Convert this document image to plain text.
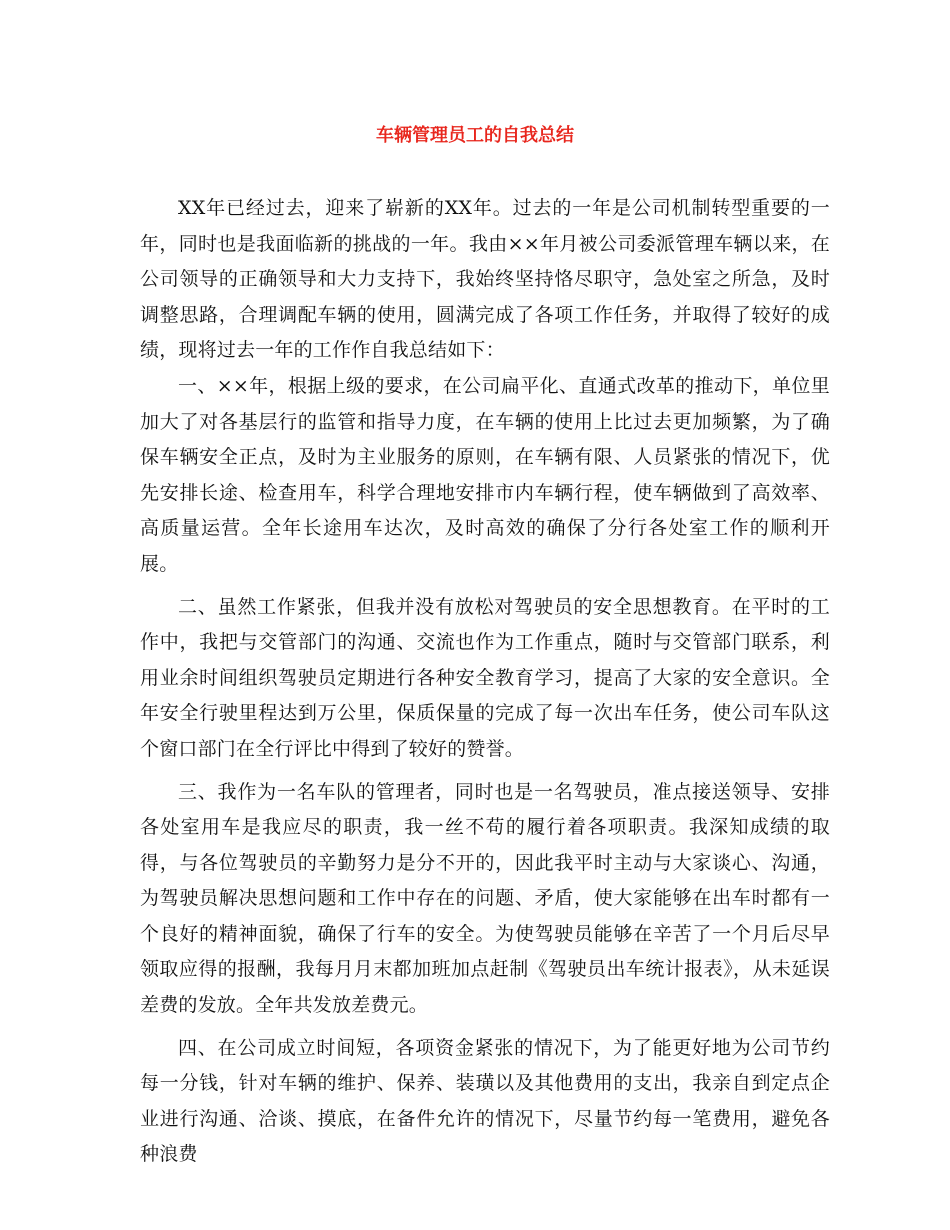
车辆管理员工的自我总结

XX年已经过去，迎来了崭新的XX年。过去的一年是公司机制转型重要的一年，同时也是我面临新的挑战的一年。我由××年月被公司委派管理车辆以来，在公司领导的正确领导和大力支持下，我始终坚持恪尽职守，急处室之所急，及时调整思路，合理调配车辆的使用，圆满完成了各项工作任务，并取得了较好的成绩，现将过去一年的工作作自我总结如下：

一、××年，根据上级的要求，在公司扁平化、直通式改革的推动下，单位里加大了对各基层行的监管和指导力度，在车辆的使用上比过去更加频繁，为了确保车辆安全正点，及时为主业服务的原则，在车辆有限、人员紧张的情况下，优先安排长途、检查用车，科学合理地安排市内车辆行程，使车辆做到了高效率、高质量运营。全年长途用车达次，及时高效的确保了分行各处室工作的顺利开展。

二、虽然工作紧张，但我并没有放松对驾驶员的安全思想教育。在平时的工作中，我把与交管部门的沟通、交流也作为工作重点，随时与交管部门联系，利用业余时间组织驾驶员定期进行各种安全教育学习，提高了大家的安全意识。全年安全行驶里程达到万公里，保质保量的完成了每一次出车任务，使公司车队这个窗口部门在全行评比中得到了较好的赞誉。

三、我作为一名车队的管理者，同时也是一名驾驶员，准点接送领导、安排各处室用车是我应尽的职责，我一丝不苟的履行着各项职责。我深知成绩的取得，与各位驾驶员的辛勤努力是分不开的，因此我平时主动与大家谈心、沟通，为驾驶员解决思想问题和工作中存在的问题、矛盾，使大家能够在出车时都有一个良好的精神面貌，确保了行车的安全。为使驾驶员能够在辛苦了一个月后尽早领取应得的报酬，我每月月末都加班加点赶制《驾驶员出车统计报表》，从未延误差费的发放。全年共发放差费元。

四、在公司成立时间短，各项资金紧张的情况下，为了能更好地为公司节约每一分钱，针对车辆的维护、保养、装璜以及其他费用的支出，我亲自到定点企业进行沟通、洽谈、摸底，在备件允许的情况下，尽量节约每一笔费用，避免各种浪费
